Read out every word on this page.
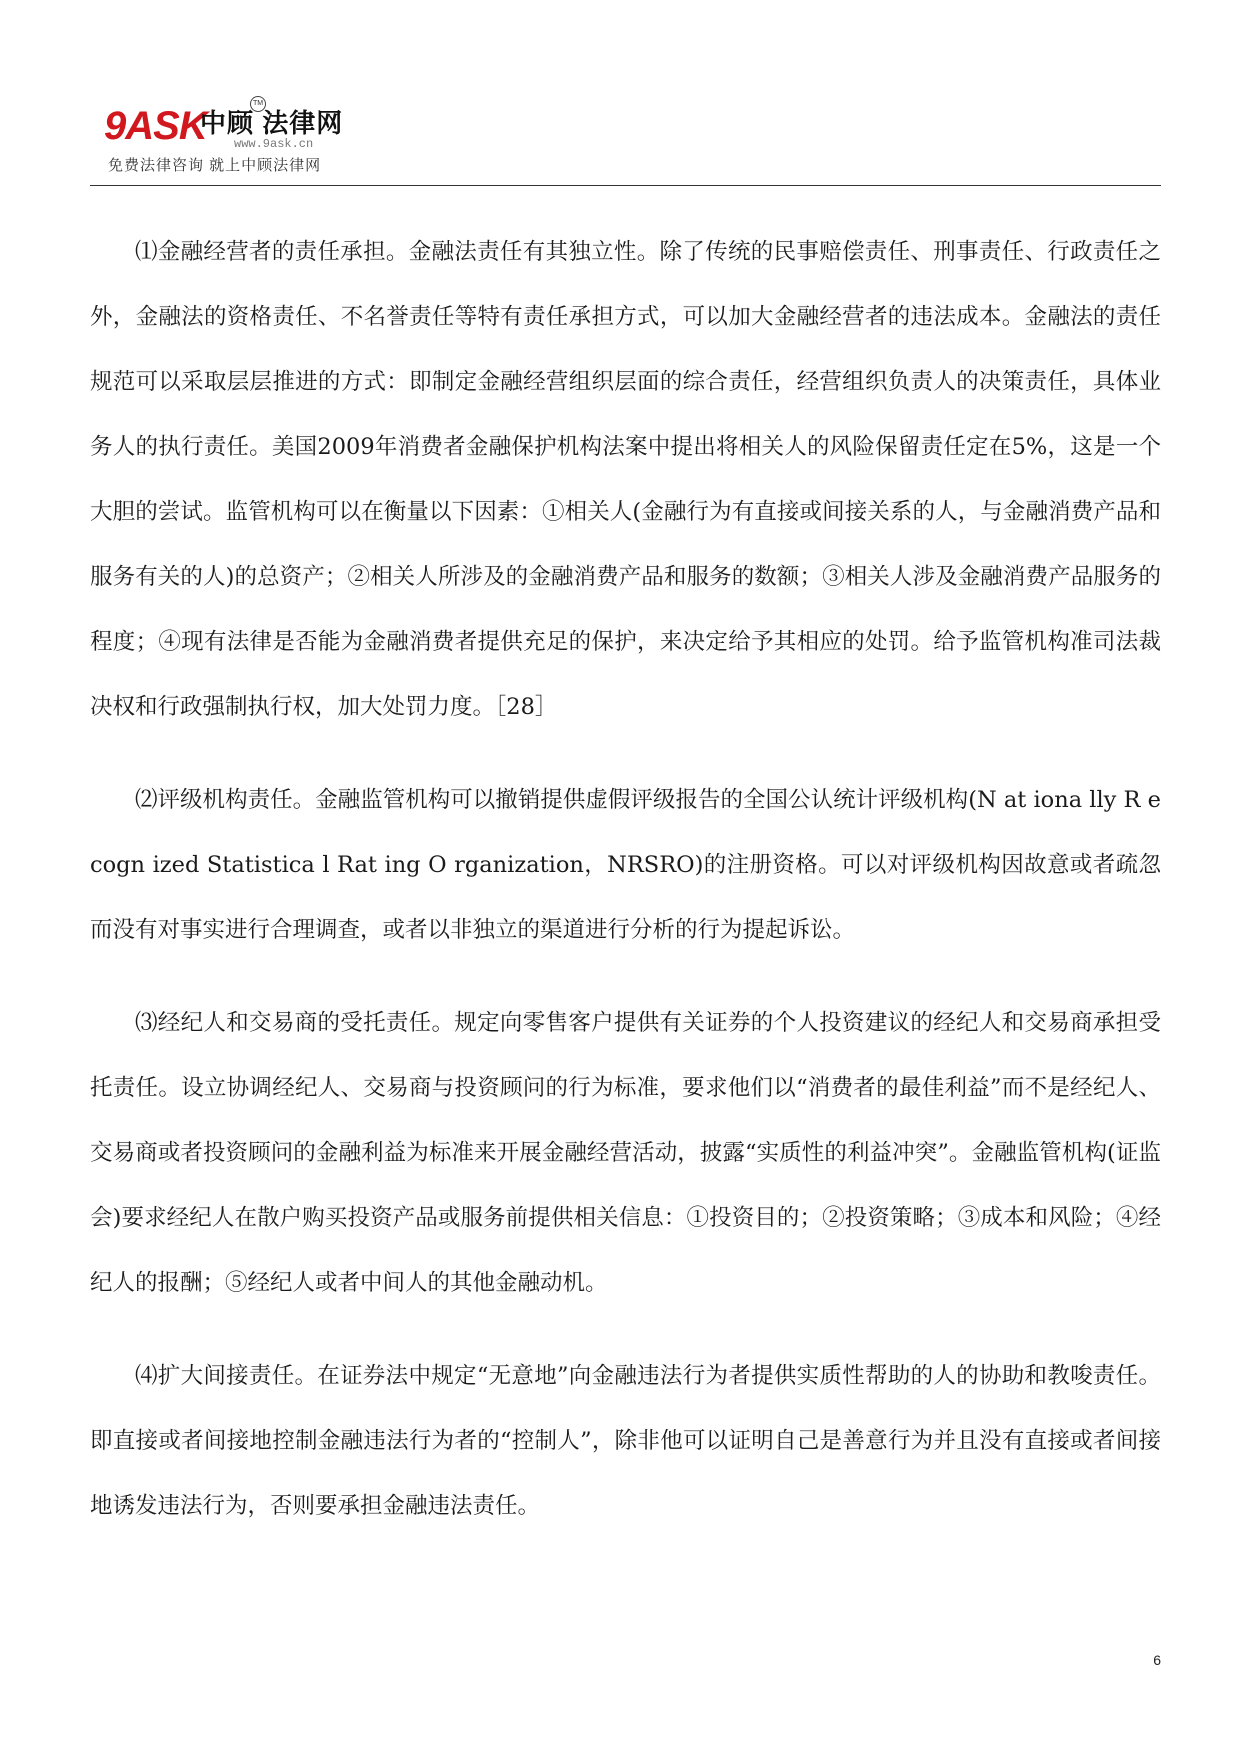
9ASK
中顾 法律网
TM
www.9ask.cn
免费法律咨询 就上中顾法律网

⑴金融经营者的责任承担。金融法责任有其独立性。除了传统的民事赔偿责任、刑事责任、行政责任之外，金融法的资格责任、不名誉责任等特有责任承担方式，可以加大金融经营者的违法成本。金融法的责任规范可以采取层层推进的方式：即制定金融经营组织层面的综合责任，经营组织负责人的决策责任，具体业务人的执行责任。美国2009年消费者金融保护机构法案中提出将相关人的风险保留责任定在5%，这是一个大胆的尝试。监管机构可以在衡量以下因素：①相关人(金融行为有直接或间接关系的人，与金融消费产品和服务有关的人)的总资产；②相关人所涉及的金融消费产品和服务的数额；③相关人涉及金融消费产品服务的程度；④现有法律是否能为金融消费者提供充足的保护，来决定给予其相应的处罚。给予监管机构准司法裁决权和行政强制执行权，加大处罚力度。［28］

⑵评级机构责任。金融监管机构可以撤销提供虚假评级报告的全国公认统计评级机构(N at iona lly R ecogn ized Statistica l Rat ing O rganization，NRSRO)的注册资格。可以对评级机构因故意或者疏忽而没有对事实进行合理调查，或者以非独立的渠道进行分析的行为提起诉讼。

⑶经纪人和交易商的受托责任。规定向零售客户提供有关证券的个人投资建议的经纪人和交易商承担受托责任。设立协调经纪人、交易商与投资顾问的行为标准，要求他们以“消费者的最佳利益”而不是经纪人、交易商或者投资顾问的金融利益为标准来开展金融经营活动，披露“实质性的利益冲突”。金融监管机构(证监会)要求经纪人在散户购买投资产品或服务前提供相关信息：①投资目的；②投资策略；③成本和风险；④经纪人的报酬；⑤经纪人或者中间人的其他金融动机。

⑷扩大间接责任。在证券法中规定“无意地”向金融违法行为者提供实质性帮助的人的协助和教唆责任。即直接或者间接地控制金融违法行为者的“控制人”，除非他可以证明自己是善意行为并且没有直接或者间接地诱发违法行为，否则要承担金融违法责任。

6
